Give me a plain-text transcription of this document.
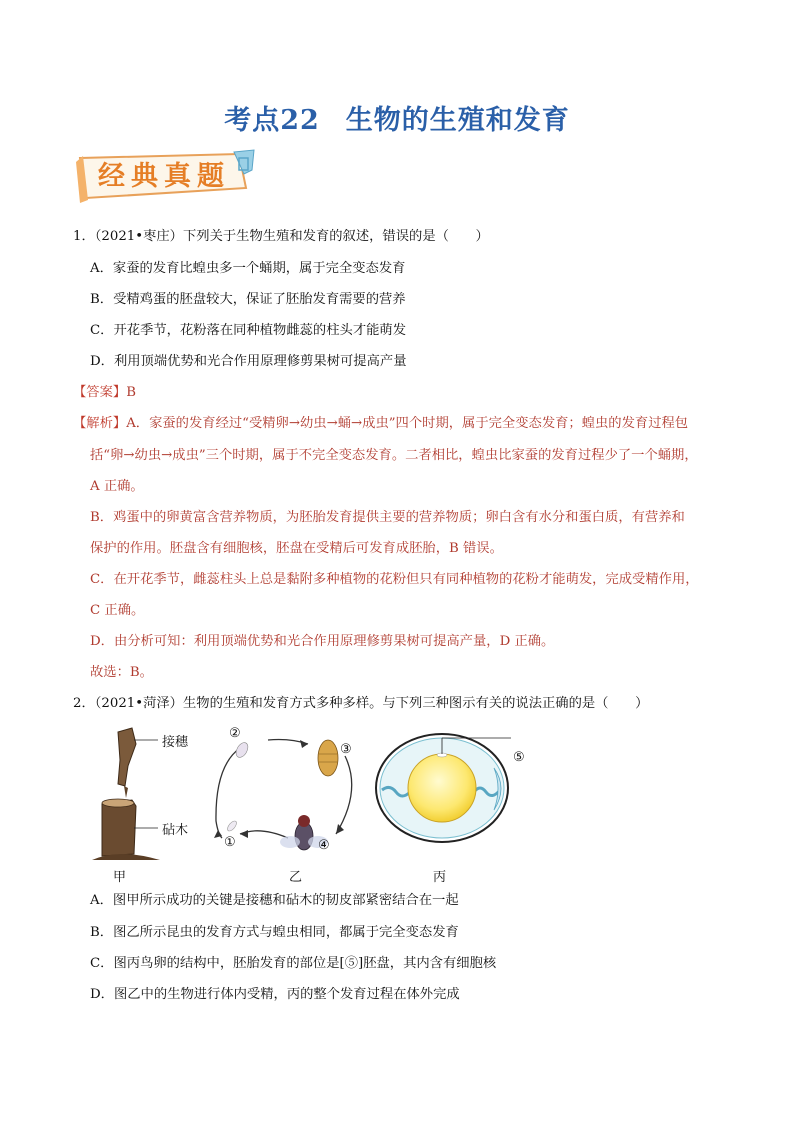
考点22 生物的生殖和发育
经典真题
1．（2021•枣庄）下列关于生物生殖和发育的叙述，错误的是（　　）
A．家蚕的发育比蝗虫多一个蛹期，属于完全变态发育
B．受精鸡蛋的胚盘较大，保证了胚胎发育需要的营养
C．开花季节，花粉落在同种植物雌蕊的柱头才能萌发
D．利用顶端优势和光合作用原理修剪果树可提高产量
【答案】B
【解析】A．家蚕的发育经过“受精卵→幼虫→蛹→成虫”四个时期，属于完全变态发育；蝗虫的发育过程包
括“卵→幼虫→成虫”三个时期，属于不完全变态发育。二者相比，蝗虫比家蚕的发育过程少了一个蛹期，
A 正确。
B．鸡蛋中的卵黄富含营养物质，为胚胎发育提供主要的营养物质；卵白含有水分和蛋白质，有营养和
保护的作用。胚盘含有细胞核，胚盘在受精后可发育成胚胎，B 错误。
C．在开花季节，雌蕊柱头上总是黏附多种植物的花粉但只有同种植物的花粉才能萌发，完成受精作用，
C 正确。
D．由分析可知：利用顶端优势和光合作用原理修剪果树可提高产量，D 正确。
故选：B。
2．（2021•菏泽）生物的生殖和发育方式多种多样。与下列三种图示有关的说法正确的是（　　）
接穗
砧木
甲	乙	丙
①
②
③
④
⑤
A．图甲所示成功的关键是接穗和砧木的韧皮部紧密结合在一起
B．图乙所示昆虫的发育方式与蝗虫相同，都属于完全变态发育
C．图丙鸟卵的结构中，胚胎发育的部位是[⑤]胚盘，其内含有细胞核
D．图乙中的生物进行体内受精，丙的整个发育过程在体外完成
